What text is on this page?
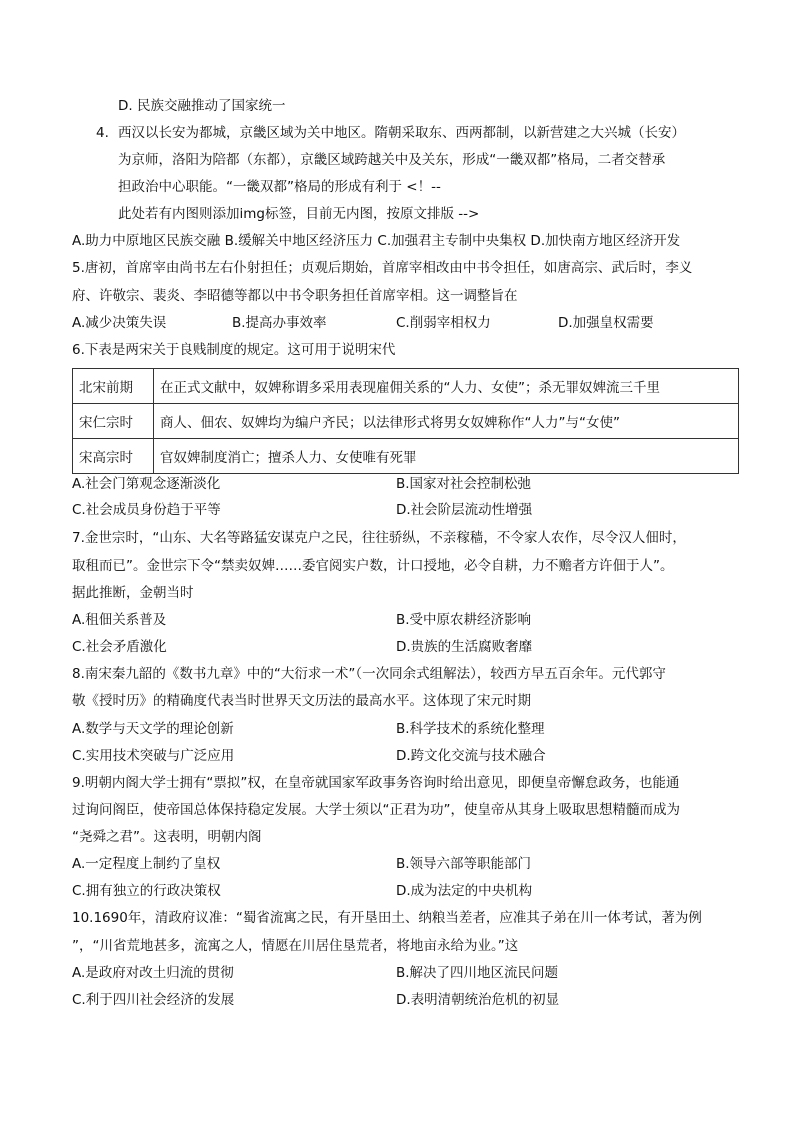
D. 民族交融推动了国家统一
4. 西汉以长安为都城，京畿区域为关中地区。隋朝采取东、西两都制，以新营建之大兴城（长安）
为京师，洛阳为陪都（东都），京畿区域跨越关中及关东，形成“一畿双都”格局，二者交替承
担政治中心职能。“一畿双都”格局的形成有利于 <！--
此处若有内图则添加img标签，目前无内图，按原文排版 -->
A.助力中原地区民族交融 B.缓解关中地区经济压力 C.加强君主专制中央集权 D.加快南方地区经济开发
5.唐初，首席宰由尚书左右仆射担任；贞观后期始，首席宰相改由中书令担任，如唐高宗、武后时，李义
府、许敬宗、裴炎、李昭德等都以中书令职务担任首席宰相。这一调整旨在
A.减少决策失误	B.提高办事效率	C.削弱宰相权力	D.加强皇权需要
6.下表是两宋关于良贱制度的规定。这可用于说明宋代
北宋前期	在正式文献中，奴婢称谓多采用表现雇佣关系的“人力、女使”；杀无罪奴婢流三千里
宋仁宗时	商人、佃农、奴婢均为编户齐民；以法律形式将男女奴婢称作“人力”与“女使”
宋高宗时	官奴婢制度消亡；擅杀人力、女使唯有死罪
A.社会门第观念逐渐淡化	B.国家对社会控制松弛
C.社会成员身份趋于平等	D.社会阶层流动性增强
7.金世宗时，“山东、大名等路猛安谋克户之民，往往骄纵，不亲稼穑，不令家人农作，尽令汉人佃时，
取租而已”。金世宗下令“禁卖奴婢……委官阅实户数，计口授地，必令自耕，力不赡者方许佃于人”。
据此推断，金朝当时
A.租佃关系普及	B.受中原农耕经济影响
C.社会矛盾激化	D.贵族的生活腐败奢靡
8.南宋秦九韶的《数书九章》中的“大衍求一术”（一次同余式组解法），较西方早五百余年。元代郭守
敬《授时历》的精确度代表当时世界天文历法的最高水平。这体现了宋元时期
A.数学与天文学的理论创新	B.科学技术的系统化整理
C.实用技术突破与广泛应用	D.跨文化交流与技术融合
9.明朝内阁大学士拥有“票拟”权，在皇帝就国家军政事务咨询时给出意见，即便皇帝懈怠政务，也能通
过询问阁臣，使帝国总体保持稳定发展。大学士须以“正君为功”，使皇帝从其身上吸取思想精髓而成为
“尧舜之君”。这表明，明朝内阁
A.一定程度上制约了皇权	B.领导六部等职能部门
C.拥有独立的行政决策权	D.成为法定的中央机构
10.1690年，清政府议准：“蜀省流寓之民，有开垦田土、纳粮当差者，应准其子弟在川一体考试，著为例
”，“川省荒地甚多，流寓之人，情愿在川居住垦荒者，将地亩永给为业。”这
A.是政府对改土归流的贯彻	B.解决了四川地区流民问题
C.利于四川社会经济的发展	D.表明清朝统治危机的初显
